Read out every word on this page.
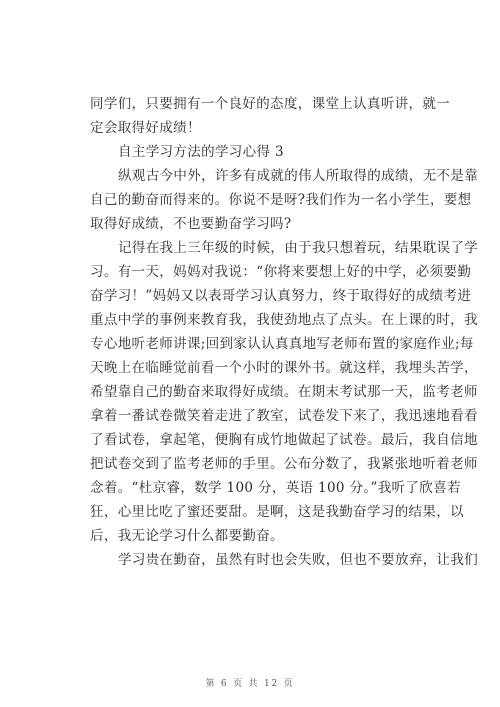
同学们，只要拥有一个良好的态度，课堂上认真听讲，就一
定会取得好成绩！
自主学习方法的学习心得 3
纵观古今中外，许多有成就的伟人所取得的成绩，无不是靠
自己的勤奋而得来的。你说不是呀?我们作为一名小学生，要想
取得好成绩，不也要勤奋学习吗?
记得在我上三年级的时候，由于我只想着玩，结果耽误了学
习。有一天，妈妈对我说：“你将来要想上好的中学，必须要勤
奋学习！”妈妈又以表哥学习认真努力，终于取得好的成绩考进
重点中学的事例来教育我，我使劲地点了点头。在上课的时，我
专心地听老师讲课;回到家认认真真地写老师布置的家庭作业;每
天晚上在临睡觉前看一个小时的课外书。就这样，我埋头苦学，
希望靠自己的勤奋来取得好成绩。在期末考试那一天，监考老师
拿着一番试卷微笑着走进了教室，试卷发下来了，我迅速地看看
了看试卷，拿起笔，便胸有成竹地做起了试卷。最后，我自信地
把试卷交到了监考老师的手里。公布分数了，我紧张地听着老师
念着。“杜京睿，数学 100 分，英语 100 分。”我听了欣喜若
狂，心里比吃了蜜还要甜。是啊，这是我勤奋学习的结果，以
后，我无论学习什么都要勤奋。
学习贵在勤奋，虽然有时也会失败，但也不要放弃，让我们
第 6 页 共 12 页
